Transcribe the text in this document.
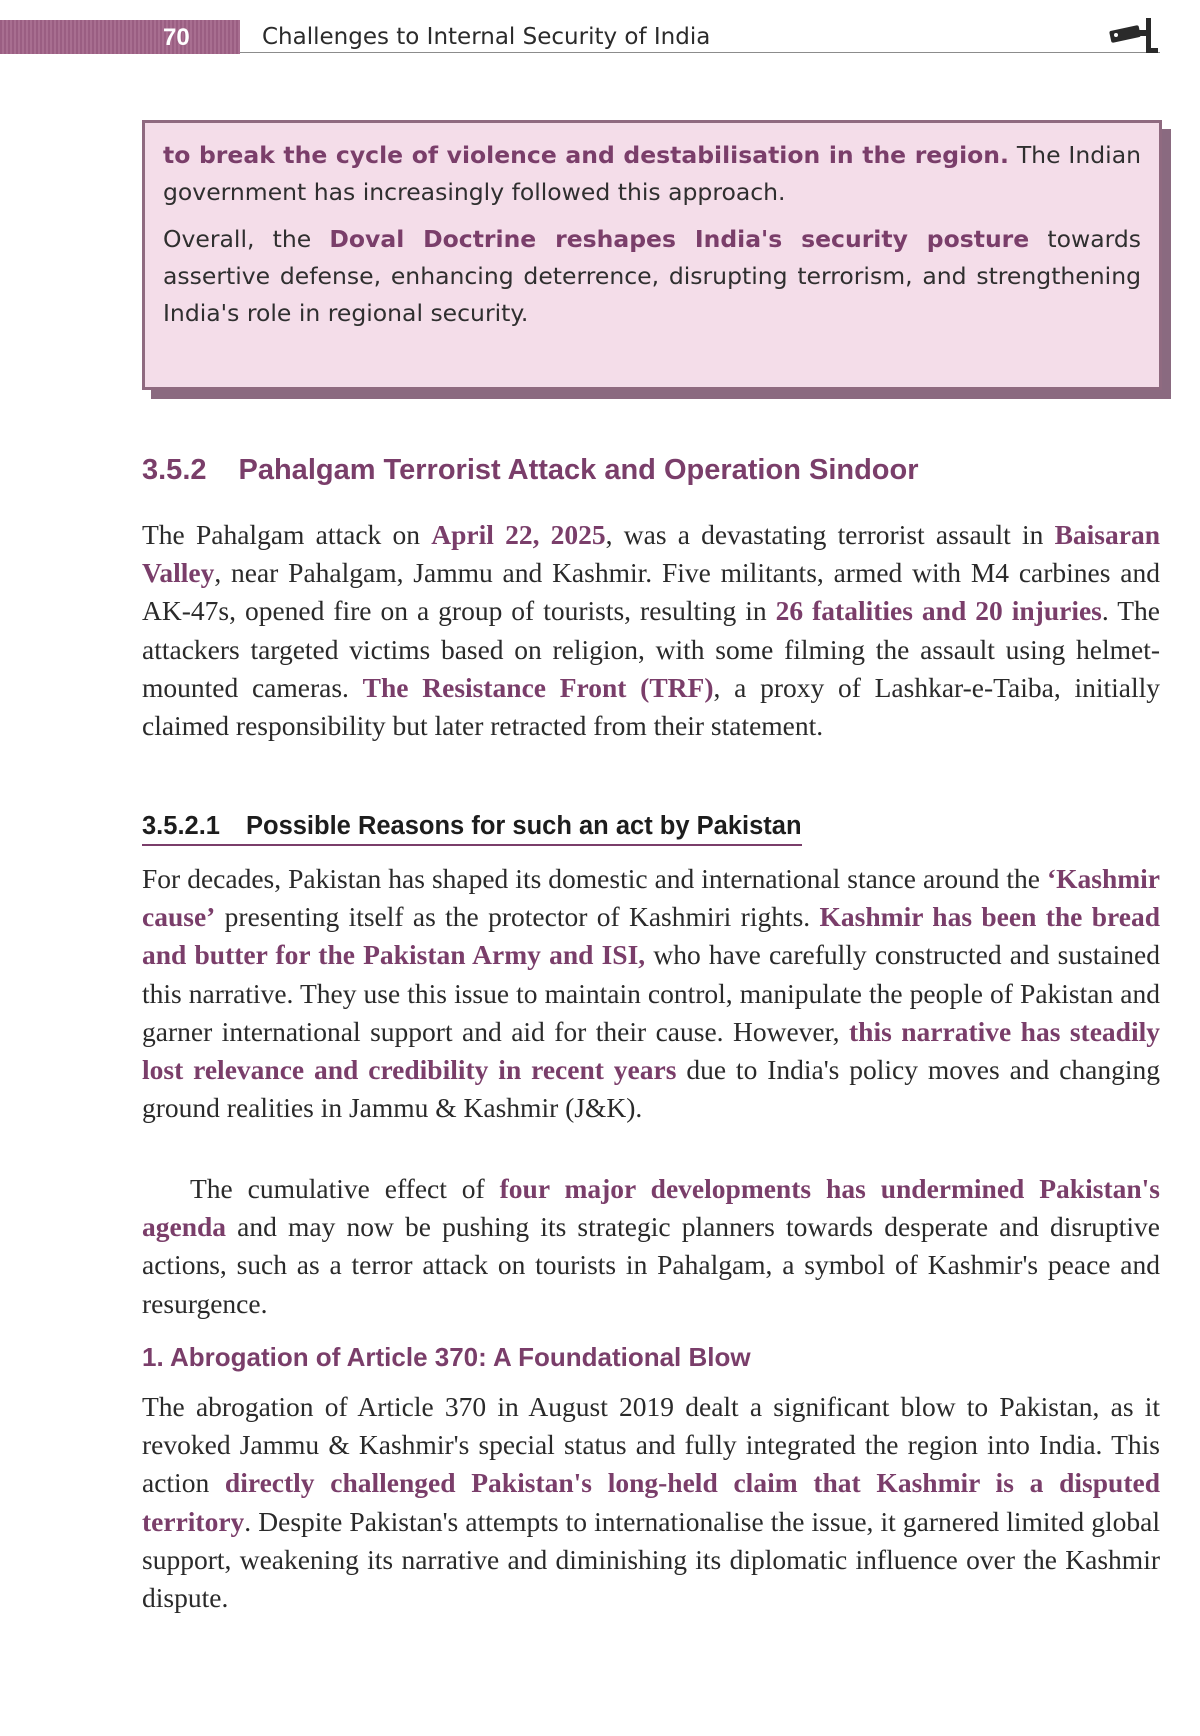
70	Challenges to Internal Security of India

to break the cycle of violence and destabilisation in the region. The Indian government has increasingly followed this approach.

Overall, the Doval Doctrine reshapes India's security posture towards assertive defense, enhancing deterrence, disrupting terrorism, and strengthening India's role in regional security.

3.5.2 Pahalgam Terrorist Attack and Operation Sindoor

The Pahalgam attack on April 22, 2025, was a devastating terrorist assault in Baisaran Valley, near Pahalgam, Jammu and Kashmir. Five militants, armed with M4 carbines and AK-47s, opened fire on a group of tourists, resulting in 26 fatalities and 20 injuries. The attackers targeted victims based on religion, with some filming the assault using helmet-mounted cameras. The Resistance Front (TRF), a proxy of Lashkar-e-Taiba, initially claimed responsibility but later retracted from their statement.

3.5.2.1 Possible Reasons for such an act by Pakistan

For decades, Pakistan has shaped its domestic and international stance around the ‘Kashmir cause’ presenting itself as the protector of Kashmiri rights. Kashmir has been the bread and butter for the Pakistan Army and ISI, who have carefully constructed and sustained this narrative. They use this issue to maintain control, manipulate the people of Pakistan and garner international support and aid for their cause. However, this narrative has steadily lost relevance and credibility in recent years due to India's policy moves and changing ground realities in Jammu & Kashmir (J&K).

The cumulative effect of four major developments has undermined Pakistan's agenda and may now be pushing its strategic planners towards desperate and disruptive actions, such as a terror attack on tourists in Pahalgam, a symbol of Kashmir's peace and resurgence.

1. Abrogation of Article 370: A Foundational Blow

The abrogation of Article 370 in August 2019 dealt a significant blow to Pakistan, as it revoked Jammu & Kashmir's special status and fully integrated the region into India. This action directly challenged Pakistan's long-held claim that Kashmir is a disputed territory. Despite Pakistan's attempts to internationalise the issue, it garnered limited global support, weakening its narrative and diminishing its diplomatic influence over the Kashmir dispute.
